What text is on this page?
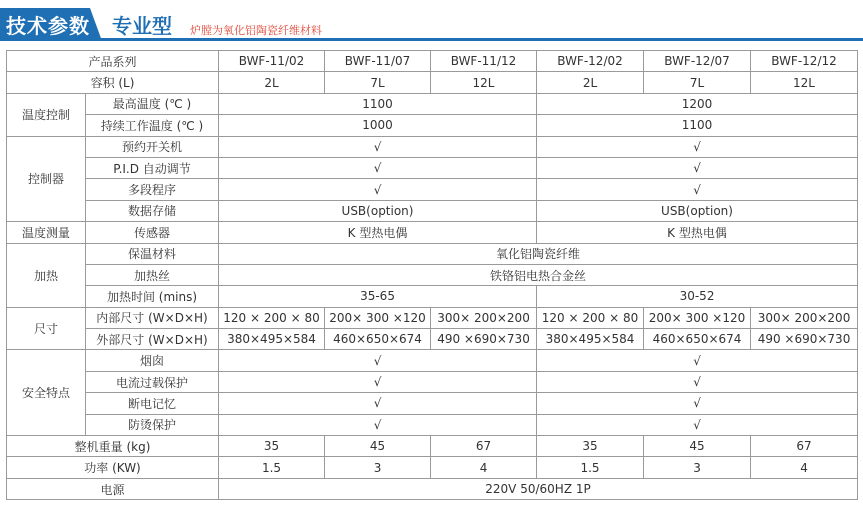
技术参数 专业型 炉膛为氧化铝陶瓷纤维材料
产品系列		BWF-11/02	BWF-11/07	BWF-11/12	BWF-12/02	BWF-12/07	BWF-12/12
容积 (L)		2L	7L	12L	2L	7L	12L
温度控制	最高温度 (℃ )	1100			1200		
	持续工作温度 (℃ )	1000			1100		
控制器	预约开关机	√			√		
	P.I.D 自动调节	√			√		
	多段程序	√			√		
	数据存储	USB(option)			USB(option)		
温度测量	传感器	K 型热电偶			K 型热电偶		
加热	保温材料	氧化铝陶瓷纤维					
	加热丝	铁铬铝电热合金丝					
	加热时间 (mins)	35-65			30-52		
尺寸	内部尺寸 (W×D×H)	120 × 200 × 80	200× 300 ×120	300× 200×200	120 × 200 × 80	200× 300 ×120	300× 200×200
	外部尺寸 (W×D×H)	380×495×584	460×650×674	490 ×690×730	380×495×584	460×650×674	490 ×690×730
安全特点	烟囱	√			√		
	电流过载保护	√			√		
	断电记忆	√			√		
	防烫保护	√			√		
整机重量 (kg)		35	45	67	35	45	67
功率 (KW)		1.5	3	4	1.5	3	4
电源		220V 50/60HZ 1P					
